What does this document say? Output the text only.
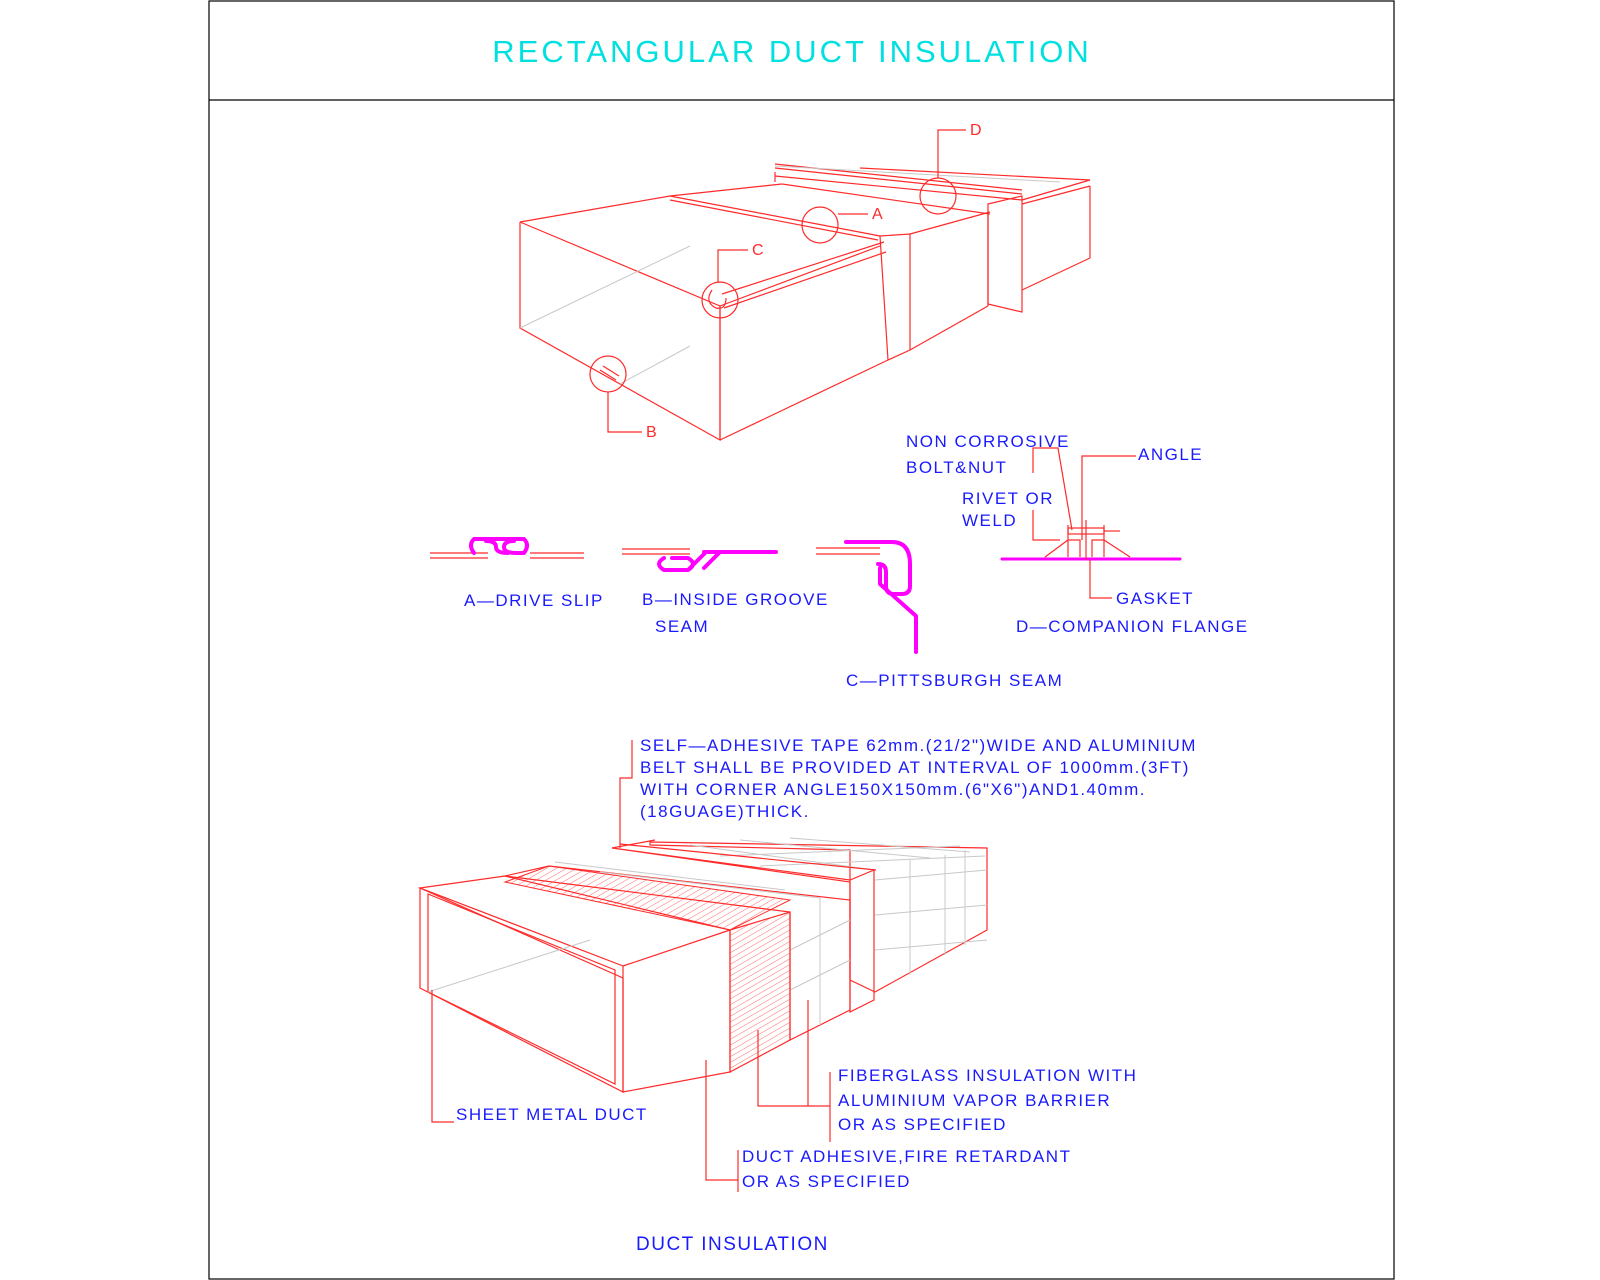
RECTANGULAR DUCT INSULATION
A
B
C
D
NON CORROSIVE
BOLT&NUT
ANGLE
RIVET OR
WELD
GASKET
A—DRIVE SLIP B—INSIDE GROOVE
SEAM
C—PITTSBURGH SEAM
D—COMPANION FLANGE
SELF—ADHESIVE TAPE 62mm.(21/2")WIDE AND ALUMINIUM
BELT SHALL BE PROVIDED AT INTERVAL OF 1000mm.(3FT)
WITH CORNER ANGLE150X150mm.(6"X6")AND1.40mm.
(18GUAGE)THICK.
FIBERGLASS INSULATION WITH
ALUMINIUM VAPOR BARRIER
OR AS SPECIFIED
SHEET METAL DUCT
DUCT ADHESIVE,FIRE RETARDANT
OR AS SPECIFIED
DUCT INSULATION
